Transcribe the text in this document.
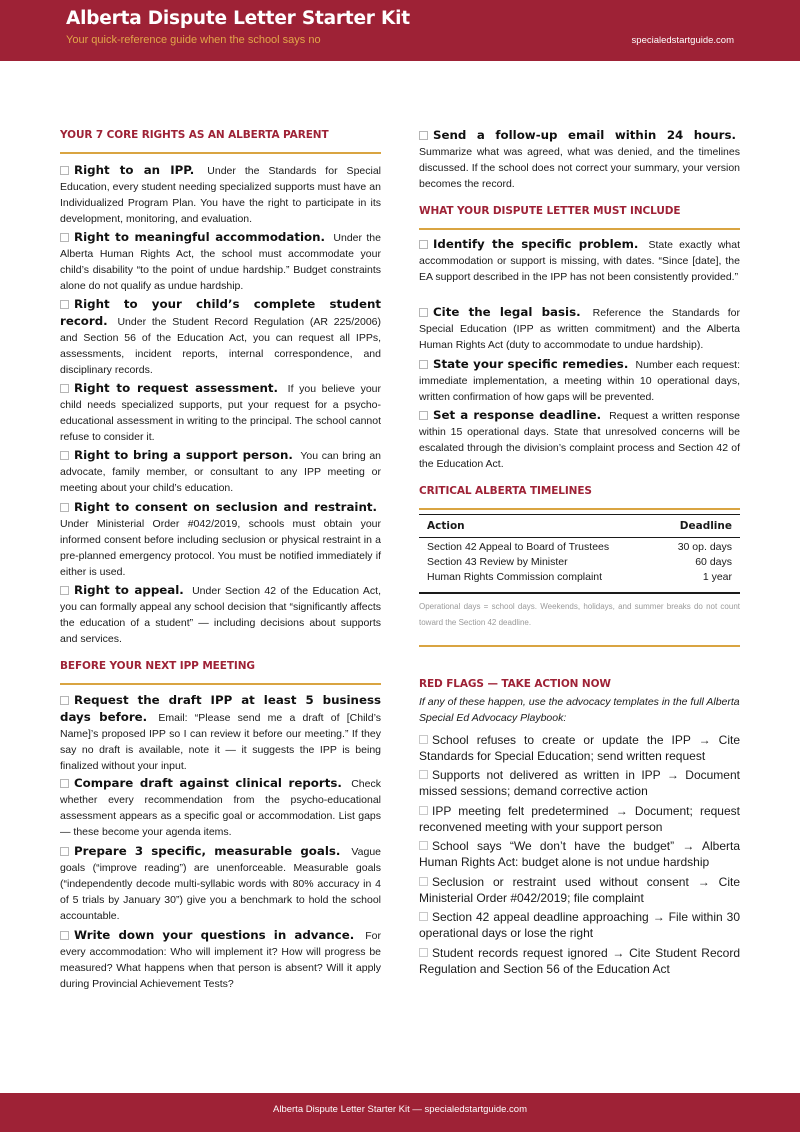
Alberta Dispute Letter Starter Kit
Your quick-reference guide when the school says no	specialedstartguide.com
YOUR 7 CORE RIGHTS AS AN ALBERTA PARENT
Right to an IPP. Under the Standards for Special Education, every student needing specialized supports must have an Individualized Program Plan. You have the right to participate in its development, monitoring, and evaluation.
Right to meaningful accommodation. Under the Alberta Human Rights Act, the school must accommodate your child’s disability “to the point of undue hardship.” Budget constraints alone do not qualify as undue hardship.
Right to your child’s complete student record. Under the Student Record Regulation (AR 225/2006) and Section 56 of the Education Act, you can request all IPPs, assessments, incident reports, internal correspondence, and disciplinary records.
Right to request assessment. If you believe your child needs specialized supports, put your request for a psycho-educational assessment in writing to the principal. The school cannot refuse to consider it.
Right to bring a support person. You can bring an advocate, family member, or consultant to any IPP meeting or meeting about your child’s education.
Right to consent on seclusion and restraint. Under Ministerial Order #042/2019, schools must obtain your informed consent before including seclusion or physical restraint in a pre-planned emergency protocol. You must be notified immediately if either is used.
Right to appeal. Under Section 42 of the Education Act, you can formally appeal any school decision that “significantly affects the education of a student” — including decisions about supports and services.
BEFORE YOUR NEXT IPP MEETING
Request the draft IPP at least 5 business days before. Email: “Please send me a draft of [Child’s Name]’s proposed IPP so I can review it before our meeting.” If they say no draft is available, note it — it suggests the IPP is being finalized without your input.
Compare draft against clinical reports. Check whether every recommendation from the psycho-educational assessment appears as a specific goal or accommodation. List gaps — these become your agenda items.
Prepare 3 specific, measurable goals. Vague goals (“improve reading”) are unenforceable. Measurable goals (“independently decode multi-syllabic words with 80% accuracy in 4 of 5 trials by January 30”) give you a benchmark to hold the school accountable.
Write down your questions in advance. For every accommodation: Who will implement it? How will progress be measured? What happens when that person is absent? Will it apply during Provincial Achievement Tests?
Send a follow-up email within 24 hours. Summarize what was agreed, what was denied, and the timelines discussed. If the school does not correct your summary, your version becomes the record.
WHAT YOUR DISPUTE LETTER MUST INCLUDE
Identify the specific problem. State exactly what accommodation or support is missing, with dates. “Since [date], the EA support described in the IPP has not been consistently provided.”
Cite the legal basis. Reference the Standards for Special Education (IPP as written commitment) and the Alberta Human Rights Act (duty to accommodate to undue hardship).
State your specific remedies. Number each request: immediate implementation, a meeting within 10 operational days, written confirmation of how gaps will be prevented.
Set a response deadline. Request a written response within 15 operational days. State that unresolved concerns will be escalated through the division’s complaint process and Section 42 of the Education Act.
CRITICAL ALBERTA TIMELINES
Action	Deadline
Section 42 Appeal to Board of Trustees	30 op. days
Section 43 Review by Minister	60 days
Human Rights Commission complaint	1 year
Operational days = school days. Weekends, holidays, and summer breaks do not count toward the Section 42 deadline.
RED FLAGS — TAKE ACTION NOW
If any of these happen, use the advocacy templates in the full Alberta Special Ed Advocacy Playbook:
School refuses to create or update the IPP → Cite Standards for Special Education; send written request
Supports not delivered as written in IPP → Document missed sessions; demand corrective action
IPP meeting felt predetermined → Document; request reconvened meeting with your support person
School says “We don’t have the budget” → Alberta Human Rights Act: budget alone is not undue hardship
Seclusion or restraint used without consent → Cite Ministerial Order #042/2019; file complaint
Section 42 appeal deadline approaching → File within 30 operational days or lose the right
Student records request ignored → Cite Student Record Regulation and Section 56 of the Education Act
Alberta Dispute Letter Starter Kit — specialedstartguide.com
